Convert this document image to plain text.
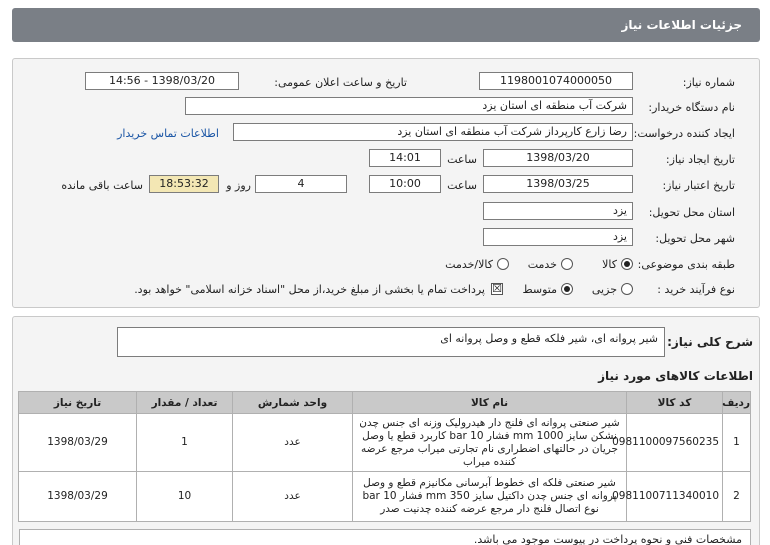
جزئیات اطلاعات نیاز
شماره نیاز:
1198001074000050
تاریخ و ساعت اعلان عمومی:
1398/03/20 - 14:56
نام دستگاه خریدار:
شرکت آب منطقه ای استان یزد
ایجاد کننده درخواست:
رضا زارع کارپرداز شرکت آب منطقه ای استان یزد
اطلاعات تماس خریدار
تاریخ ایجاد نیاز:
1398/03/20
ساعت
14:01
تاریخ اعتبار نیاز:
1398/03/25
ساعت
10:00
4
روز و
18:53:32
ساعت باقی مانده
استان محل تحویل:
یزد
شهر محل تحویل:
یزد
طبقه بندی موضوعی:
کالا
خدمت
کالا/خدمت
نوع فرآیند خرید :
جزیی
متوسط
☒
پرداخت تمام یا بخشی از مبلغ خرید،از محل "اسناد خزانه اسلامی" خواهد بود.
شرح کلی نیاز:
شیر پروانه ای، شیر فلکه قطع و وصل پروانه ای
اطلاعات کالاهای مورد نیاز
ردیف	کد کالا	نام کالا	واحد شمارش	تعداد / مقدار	تاریخ نیاز
1	0981100097560235	شیر صنعتی پروانه ای فلنج دار هیدرولیک وزنه ای جنس چدن نشکن سایز mm 1000 فشار bar 10 کاربرد قطع یا وصل جریان در حالتهای اضطراری نام تجارتی میراب مرجع عرضه کننده میراب	عدد	1	1398/03/29
2	0981100711340010	شیر صنعتی فلکه ای خطوط آبرسانی مکانیزم قطع و وصل پروانه ای جنس چدن داکتیل سایز mm 350 فشار bar 10 نوع اتصال فلنج دار مرجع عرضه کننده چدنیت صدر	عدد	10	1398/03/29
مشخصات فنی و نحوه پرداخت در پیوست موجود می باشد.
